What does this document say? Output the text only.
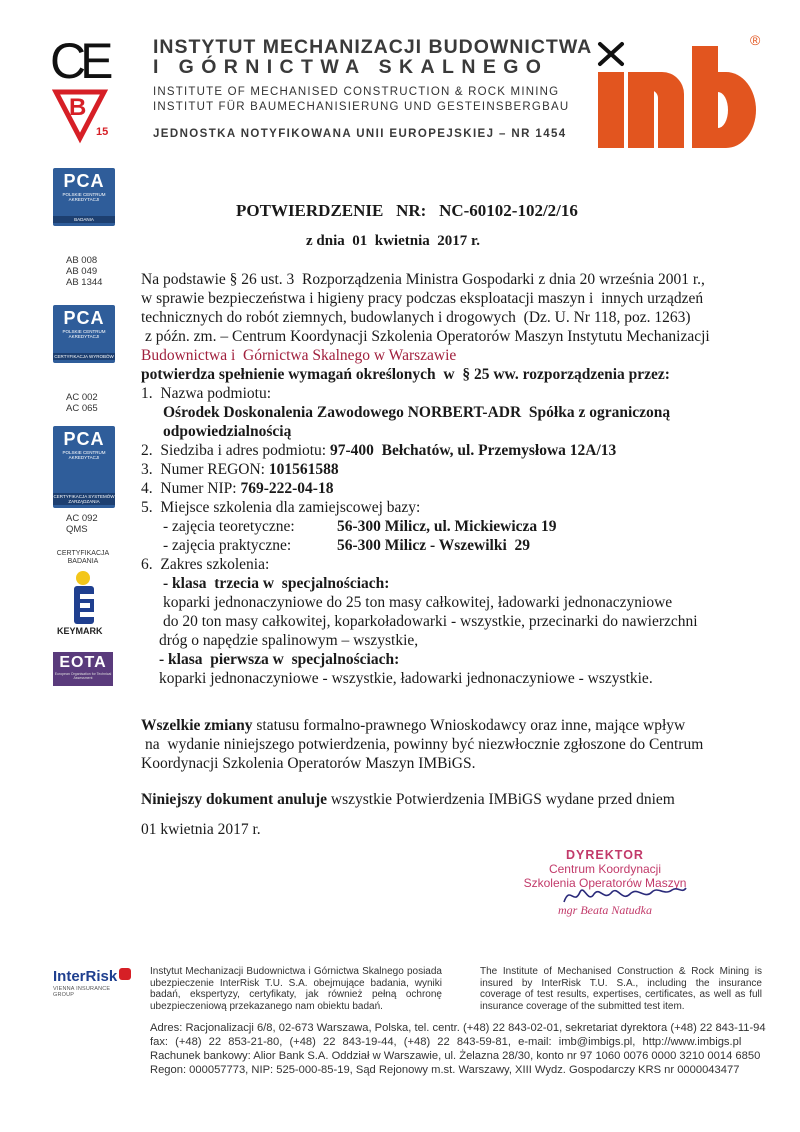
CE
B
15
INSTYTUT MECHANIZACJI BUDOWNICTWA
I GÓRNICTWA SKALNEGO
INSTITUTE OF MECHANISED CONSTRUCTION & ROCK MINING
INSTITUT FÜR BAUMECHANISIERUNG UND GESTEINSBERGBAU
JEDNOSTKA NOTYFIKOWANA UNII EUROPEJSKIEJ – NR 1454
®
PCA
POLSKIE CENTRUM AKREDYTACJI
BADANIA
AB 008
AB 049
AB 1344
PCA
POLSKIE CENTRUM AKREDYTACJI
CERTYFIKACJA WYROBÓW
AC 002
AC 065
PCA
POLSKIE CENTRUM AKREDYTACJI
CERTYFIKACJA SYSTEMÓW ZARZĄDZANIA
AC 092
QMS
CERTYFIKACJA BADANIA
KEYMARK
EOTA
European Organisation for Technical Assessment
POTWIERDZENIE   NR:   NC-60102-102/2/16
z dnia  01  kwietnia  2017 r.
Na podstawie § 26 ust. 3  Rozporządzenia Ministra Gospodarki z dnia 20 września 2001 r.,
w sprawie bezpieczeństwa i higieny pracy podczas eksploatacji maszyn i  innych urządzeń
technicznych do robót ziemnych, budowlanych i drogowych  (Dz. U. Nr 118, poz. 1263)
z późn. zm. – Centrum Koordynacji Szkolenia Operatorów Maszyn Instytutu Mechanizacji
Budownictwa i  Górnictwa Skalnego w Warszawie
potwierdza spełnienie wymagań określonych  w  § 25 ww. rozporządzenia przez:
1.  Nazwa podmiotu:
Ośrodek Doskonalenia Zawodowego NORBERT-ADR  Spółka z ograniczoną
odpowiedzialnością
2.  Siedziba i adres podmiotu: 97-400  Bełchatów, ul. Przemysłowa 12A/13
3.  Numer REGON: 101561588
4.  Numer NIP: 769-222-04-18
5.  Miejsce szkolenia dla zamiejscowej bazy:
- zajęcia teoretyczne:	56-300 Milicz, ul. Mickiewicza 19
- zajęcia praktyczne:	56-300 Milicz - Wszewilki  29
6.  Zakres szkolenia:
- klasa  trzecia w  specjalnościach:
koparki jednonaczyniowe do 25 ton masy całkowitej, ładowarki jednonaczyniowe
do 20 ton masy całkowitej, koparkoładowarki - wszystkie, przecinarki do nawierzchni
dróg o napędzie spalinowym – wszystkie,
- klasa  pierwsza w  specjalnościach:
koparki jednonaczyniowe - wszystkie, ładowarki jednonaczyniowe - wszystkie.
Wszelkie zmiany statusu formalno-prawnego Wnioskodawcy oraz inne, mające wpływ
na  wydanie niniejszego potwierdzenia, powinny być niezwłocznie zgłoszone do Centrum
Koordynacji Szkolenia Operatorów Maszyn IMBiGS.
Niniejszy dokument anuluje wszystkie Potwierdzenia IMBiGS wydane przed dniem
01 kwietnia 2017 r.
DYREKTOR
Centrum Koordynacji
Szkolenia Operatorów Maszyn
mgr Beata Natudka
InterRisk
VIENNA INSURANCE GROUP
Instytut Mechanizacji Budownictwa i Górnictwa Skalnego posiada ubezpieczenie InterRisk T.U. S.A. obejmujące badania, wyniki badań, ekspertyzy, certyfikaty, jak również pełną ochronę ubezpieczeniową przekazanego nam obiektu badań.
The Institute of Mechanised Construction & Rock Mining is insured by InterRisk T.U. S.A., including the insurance coverage of test results, expertises, certificates, as well as full insurance coverage of the submitted test item.
Adres: Racjonalizacji 6/8, 02-673 Warszawa, Polska, tel. centr. (+48) 22 843-02-01, sekretariat dyrektora (+48) 22 843-11-94
fax: (+48) 22 853-21-80, (+48) 22 843-19-44, (+48) 22 843-59-81, e-mail: imb@imbigs.pl, http://www.imbigs.pl
Rachunek bankowy: Alior Bank S.A. Oddział w Warszawie, ul. Żelazna 28/30, konto nr 97 1060 0076 0000 3210 0014 6850
Regon: 000057773, NIP: 525-000-85-19, Sąd Rejonowy m.st. Warszawy, XIII Wydz. Gospodarczy KRS nr 0000043477
